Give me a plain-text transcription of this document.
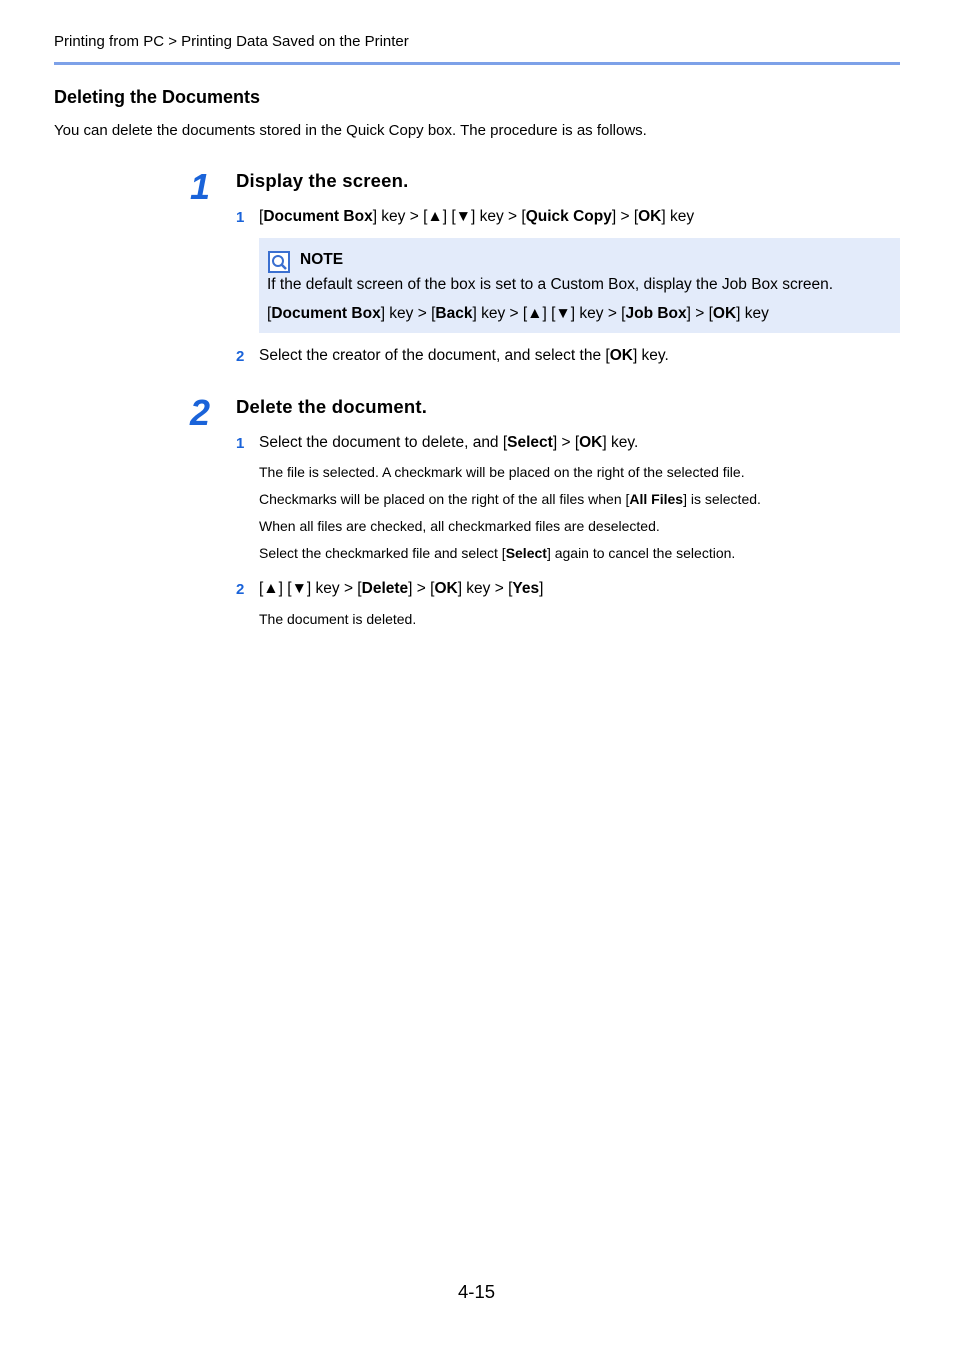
Printing from PC > Printing Data Saved on the Printer
Deleting the Documents
You can delete the documents stored in the Quick Copy box. The procedure is as follows.
1 Display the screen.
1 [Document Box] key > [▲] [▼] key > [Quick Copy] > [OK] key
NOTE
If the default screen of the box is set to a Custom Box, display the Job Box screen.
[Document Box] key > [Back] key > [▲] [▼] key > [Job Box] > [OK] key
2 Select the creator of the document, and select the [OK] key.
2 Delete the document.
1 Select the document to delete, and [Select] > [OK] key.
The file is selected. A checkmark will be placed on the right of the selected file.
Checkmarks will be placed on the right of the all files when [All Files] is selected.
When all files are checked, all checkmarked files are deselected.
Select the checkmarked file and select [Select] again to cancel the selection.
2 [▲] [▼] key > [Delete] > [OK] key > [Yes]
The document is deleted.
4-15
